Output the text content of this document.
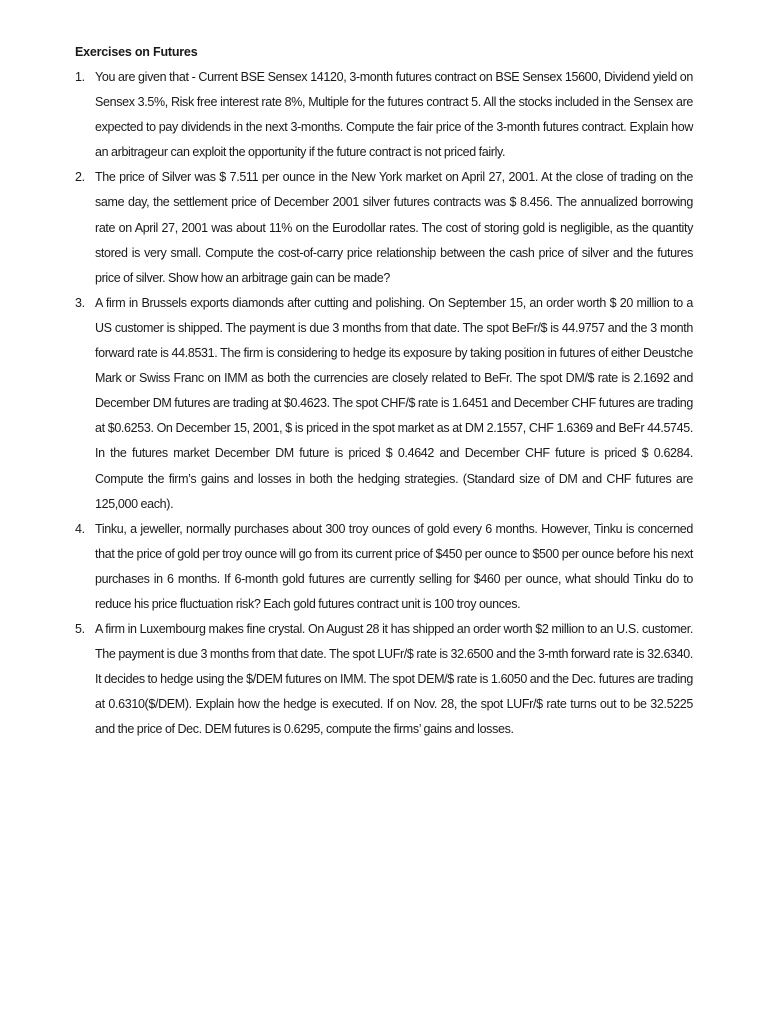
Exercises on Futures
1. You are given that - Current BSE Sensex 14120, 3-month futures contract on BSE Sensex 15600, Dividend yield on Sensex 3.5%, Risk free interest rate 8%, Multiple for the futures contract 5. All the stocks included in the Sensex are expected to pay dividends in the next 3-months. Compute the fair price of the 3-month futures contract. Explain how an arbitrageur can exploit the opportunity if the future contract is not priced fairly.
2. The price of Silver was $ 7.511 per ounce in the New York market on April 27, 2001. At the close of trading on the same day, the settlement price of December 2001 silver futures contracts was $ 8.456. The annualized borrowing rate on April 27, 2001 was about 11% on the Eurodollar rates. The cost of storing gold is negligible, as the quantity stored is very small. Compute the cost-of-carry price relationship between the cash price of silver and the futures price of silver. Show how an arbitrage gain can be made?
3. A firm in Brussels exports diamonds after cutting and polishing. On September 15, an order worth $ 20 million to a US customer is shipped. The payment is due 3 months from that date. The spot BeFr/$ is 44.9757 and the 3 month forward rate is 44.8531. The firm is considering to hedge its exposure by taking position in futures of either Deustche Mark or Swiss Franc on IMM as both the currencies are closely related to BeFr. The spot DM/$ rate is 2.1692 and December DM futures are trading at $0.4623. The spot CHF/$ rate is 1.6451 and December CHF futures are trading at $0.6253. On December 15, 2001, $ is priced in the spot market as at DM 2.1557, CHF 1.6369 and BeFr 44.5745. In the futures market December DM future is priced $ 0.4642 and December CHF future is priced $ 0.6284. Compute the firm’s gains and losses in both the hedging strategies. (Standard size of DM and CHF futures are 125,000 each).
4. Tinku, a jeweller, normally purchases about 300 troy ounces of gold every 6 months. However, Tinku is concerned that the price of gold per troy ounce will go from its current price of $450 per ounce to $500 per ounce before his next purchases in 6 months. If 6-month gold futures are currently selling for $460 per ounce, what should Tinku do to reduce his price fluctuation risk? Each gold futures contract unit is 100 troy ounces.
5. A firm in Luxembourg makes fine crystal. On August 28 it has shipped an order worth $2 million to an U.S. customer. The payment is due 3 months from that date. The spot LUFr/$ rate is 32.6500 and the 3-mth forward rate is 32.6340. It decides to hedge using the $/DEM futures on IMM. The spot DEM/$ rate is 1.6050 and the Dec. futures are trading at 0.6310($/DEM). Explain how the hedge is executed. If on Nov. 28, the spot LUFr/$ rate turns out to be 32.5225 and the price of Dec. DEM futures is 0.6295, compute the firms’ gains and losses.
